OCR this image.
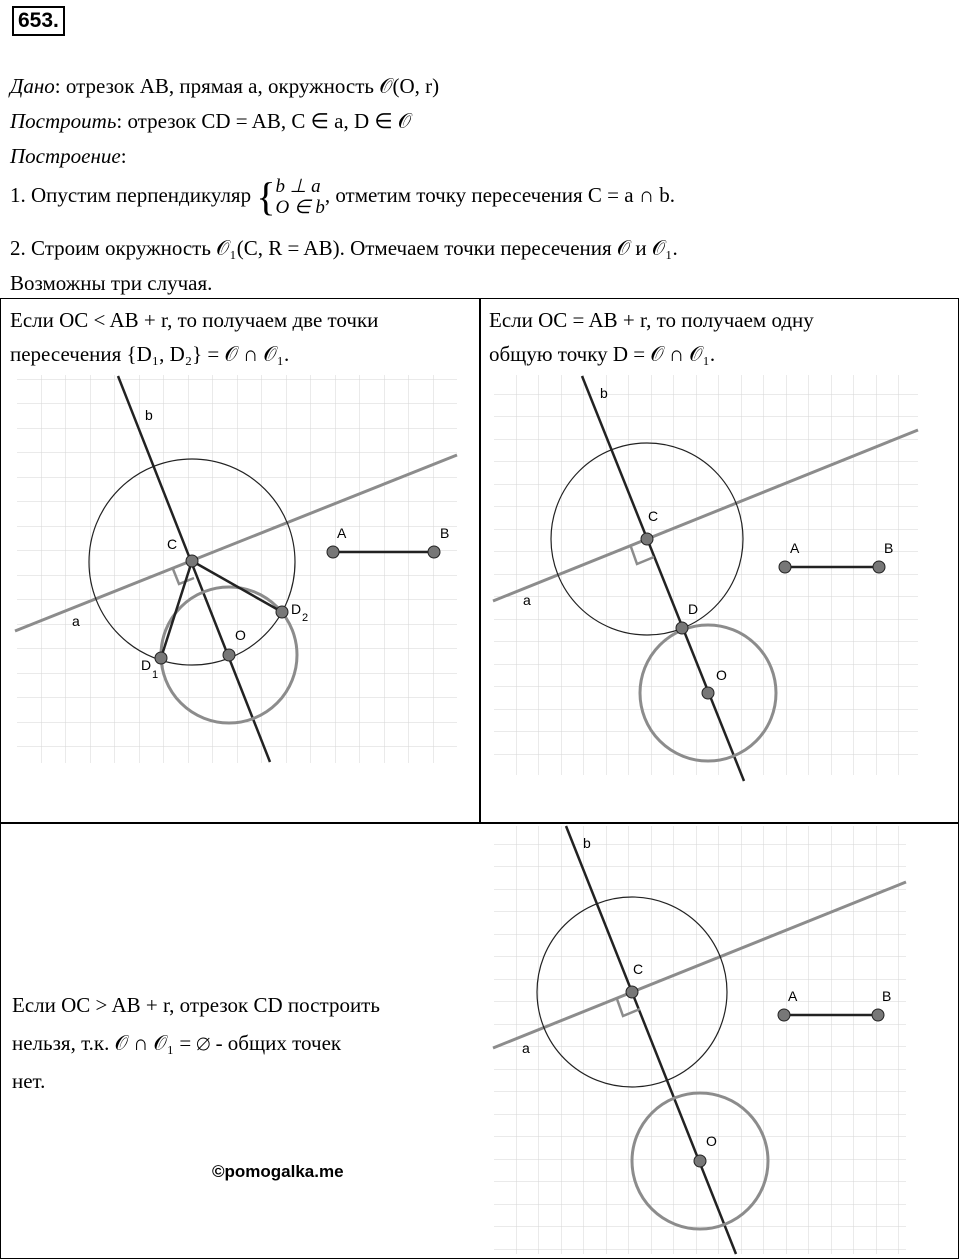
653.
Дано: отрезок AB, прямая a, окружность 𝒪(O, r)
Построить: отрезок CD = AB, C ∈ a, D ∈ 𝒪
Построение:
1. Опустим перпендикуляр {b ⊥ a
O ∈ b, отметим точку пересечения C = a ∩ b.
2. Строим окружность 𝒪₁(C, R = AB). Отмечаем точки пересечения 𝒪 и 𝒪₁.
Возможны три случая.
Если OC < AB + r, то получаем две точки
пересечения {D₁, D₂} = 𝒪 ∩ 𝒪₁.
Если OC = AB + r, то получаем одну
общую точку D = 𝒪 ∩ 𝒪₁.
Если OC > AB + r, отрезок CD построить
нельзя, т.к. 𝒪 ∩ 𝒪₁ = ∅ - общих точек
нет.
©pomogalka.me
b
a
C
O
A	B
D
1
D
2
b
a
C
D
O
A	B
b
a
C
O
A	B
